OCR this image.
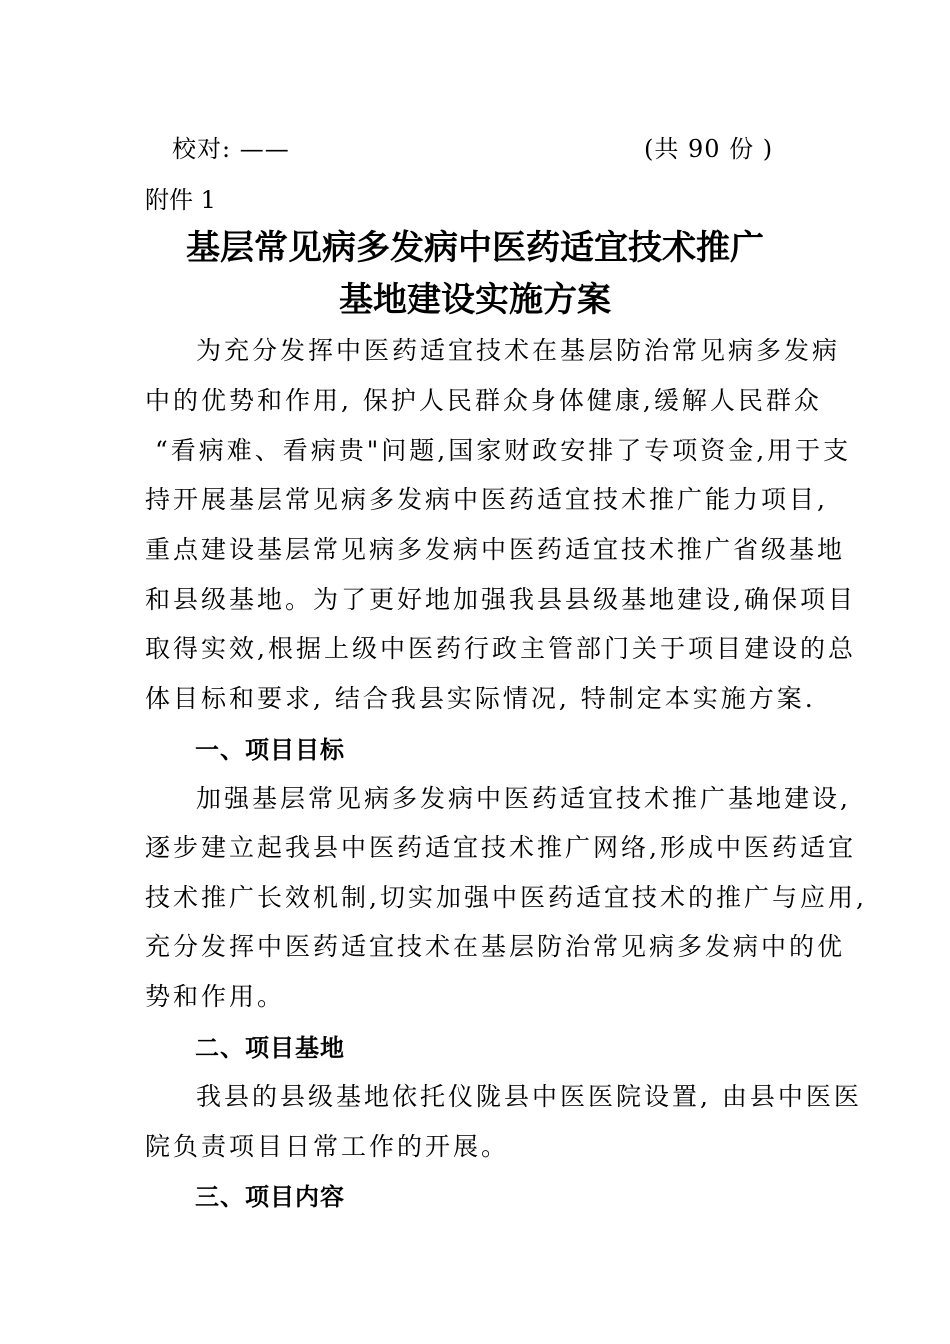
校对: ——	(共 90 份 )
附件 1
基层常见病多发病中医药适宜技术推广
基地建设实施方案
为充分发挥中医药适宜技术在基层防治常见病多发病
中的优势和作用, 保护人民群众身体健康,缓解人民群众
“看病难、看病贵"问题,国家财政安排了专项资金,用于支
持开展基层常见病多发病中医药适宜技术推广能力项目,
重点建设基层常见病多发病中医药适宜技术推广省级基地
和县级基地。为了更好地加强我县县级基地建设,确保项目
取得实效,根据上级中医药行政主管部门关于项目建设的总
体目标和要求, 结合我县实际情况, 特制定本实施方案.
一、项目目标
加强基层常见病多发病中医药适宜技术推广基地建设,
逐步建立起我县中医药适宜技术推广网络,形成中医药适宜
技术推广长效机制,切实加强中医药适宜技术的推广与应用,
充分发挥中医药适宜技术在基层防治常见病多发病中的优
势和作用。
二、项目基地
我县的县级基地依托仪陇县中医医院设置, 由县中医医
院负责项目日常工作的开展。
三、项目内容
